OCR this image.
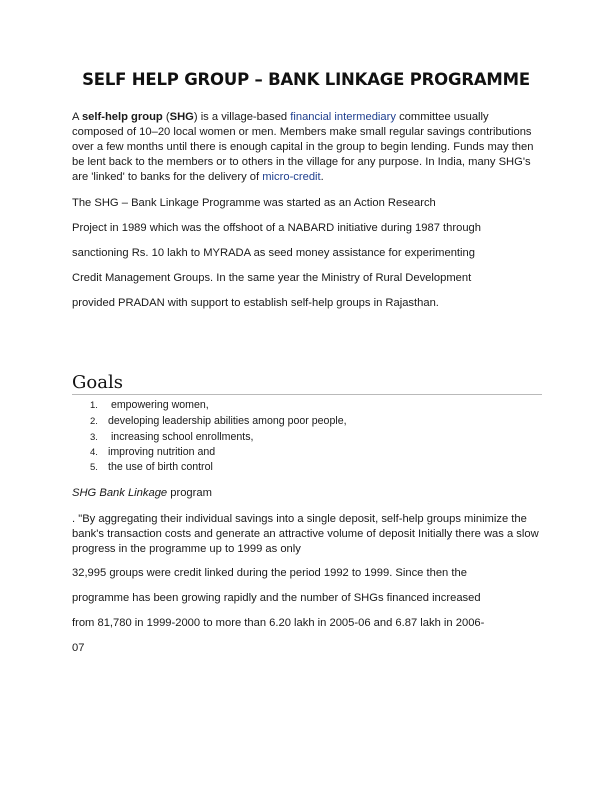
SELF HELP GROUP – BANK LINKAGE PROGRAMME
A self-help group (SHG) is a village-based financial intermediary committee usually composed of 10–20 local women or men. Members make small regular savings contributions over a few months until there is enough capital in the group to begin lending. Funds may then be lent back to the members or to others in the village for any purpose. In India, many SHG's are 'linked' to banks for the delivery of micro-credit.
The SHG – Bank Linkage Programme was started as an Action Research
Project in 1989 which was the offshoot of a NABARD initiative during 1987 through
sanctioning Rs. 10 lakh to MYRADA as seed money assistance for experimenting
Credit Management Groups. In the same year the Ministry of Rural Development
provided PRADAN with support to establish self-help groups in Rajasthan.
Goals
1. empowering women,
2. developing leadership abilities among poor people,
3. increasing school enrollments,
4. improving nutrition and
5. the use of birth control
SHG Bank Linkage program
. "By aggregating their individual savings into a single deposit, self-help groups minimize the bank's transaction costs and generate an attractive volume of deposit Initially there was a slow progress in the programme up to 1999 as only
32,995 groups were credit linked during the period 1992 to 1999. Since then the
programme has been growing rapidly and the number of SHGs financed increased
from 81,780 in 1999-2000 to more than 6.20 lakh in 2005-06 and 6.87 lakh in 2006-
07
